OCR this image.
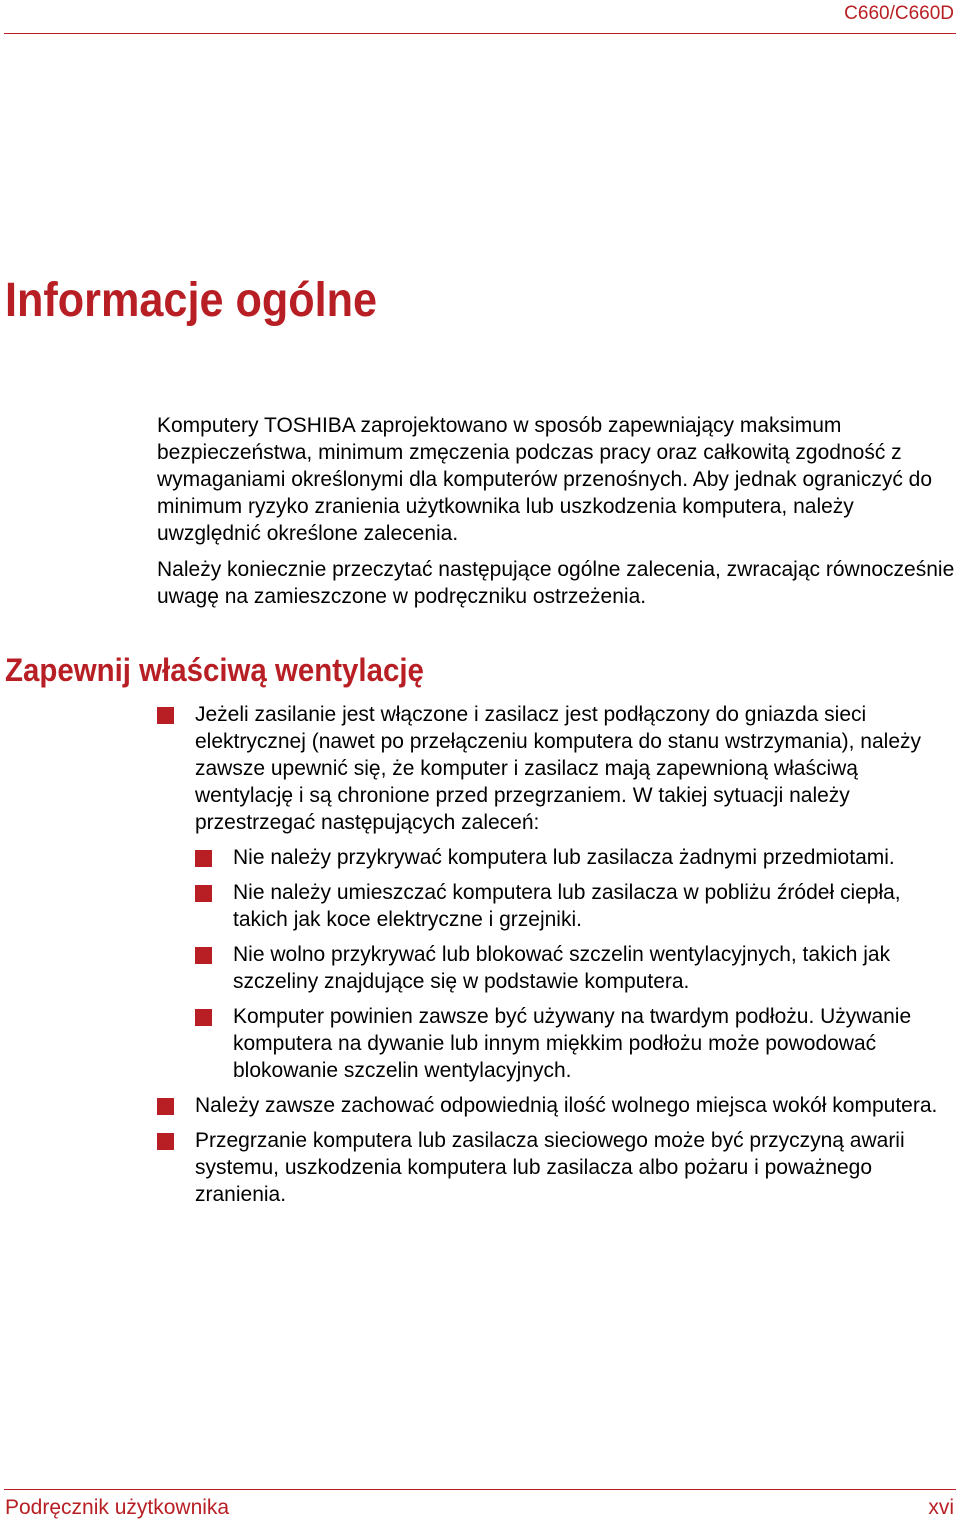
C660/C660D
Informacje ogólne

Komputery TOSHIBA zaprojektowano w sposób zapewniający maksimum bezpieczeństwa, minimum zmęczenia podczas pracy oraz całkowitą zgodność z wymaganiami określonymi dla komputerów przenośnych. Aby jednak ograniczyć do minimum ryzyko zranienia użytkownika lub uszkodzenia komputera, należy uwzględnić określone zalecenia.

Należy koniecznie przeczytać następujące ogólne zalecenia, zwracając równocześnie uwagę na zamieszczone w podręczniku ostrzeżenia.

Zapewnij właściwą wentylację
Jeżeli zasilanie jest włączone i zasilacz jest podłączony do gniazda sieci elektrycznej (nawet po przełączeniu komputera do stanu wstrzymania), należy zawsze upewnić się, że komputer i zasilacz mają zapewnioną właściwą wentylację i są chronione przed przegrzaniem. W takiej sytuacji należy przestrzegać następujących zaleceń:
Nie należy przykrywać komputera lub zasilacza żadnymi przedmiotami.
Nie należy umieszczać komputera lub zasilacza w pobliżu źródeł ciepła, takich jak koce elektryczne i grzejniki.
Nie wolno przykrywać lub blokować szczelin wentylacyjnych, takich jak szczeliny znajdujące się w podstawie komputera.
Komputer powinien zawsze być używany na twardym podłożu. Używanie komputera na dywanie lub innym miękkim podłożu może powodować blokowanie szczelin wentylacyjnych.
Należy zawsze zachować odpowiednią ilość wolnego miejsca wokół komputera.
Przegrzanie komputera lub zasilacza sieciowego może być przyczyną awarii systemu, uszkodzenia komputera lub zasilacza albo pożaru i poważnego zranienia.
Podręcznik użytkownika	xvi
